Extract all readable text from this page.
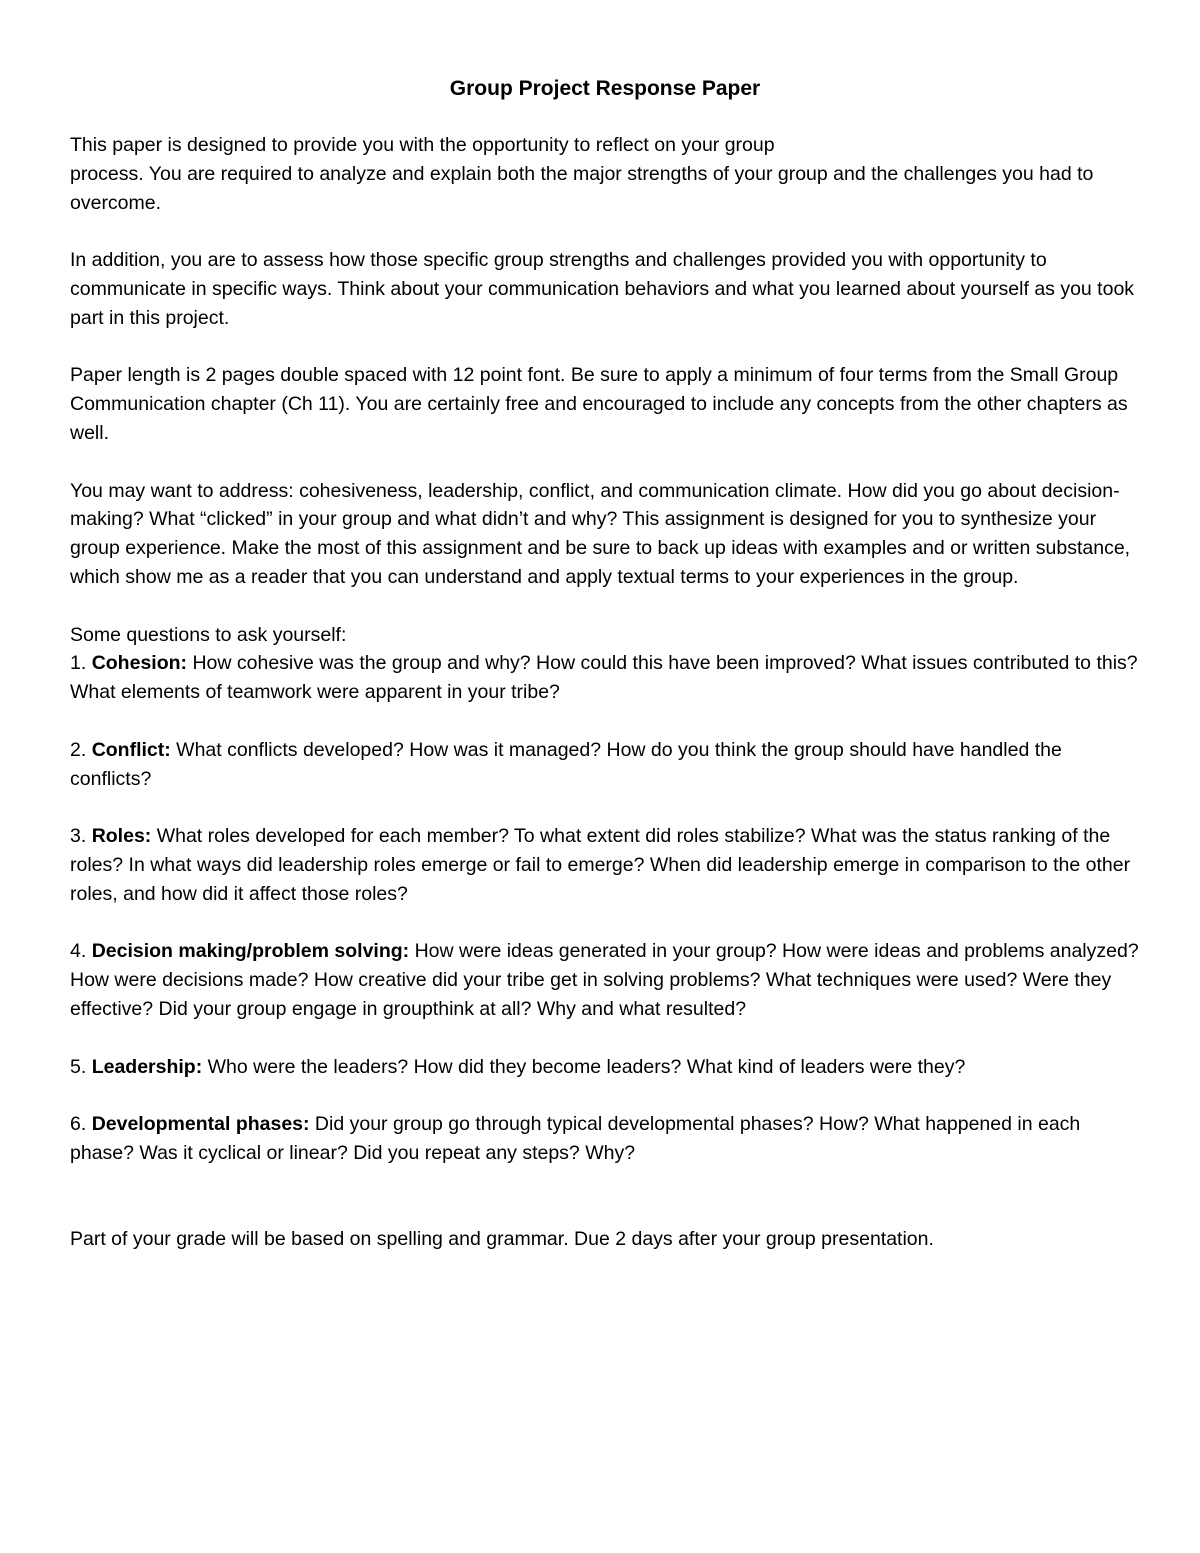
Group Project Response Paper

This paper is designed to provide you with the opportunity to reflect on your group
process. You are required to analyze and explain both the major strengths of your group and the challenges you had to overcome.

In addition, you are to assess how those specific group strengths and challenges provided you with opportunity to communicate in specific ways. Think about your communication behaviors and what you learned about yourself as you took part in this project.

Paper length is 2 pages double spaced with 12 point font. Be sure to apply a minimum of four terms from the Small Group Communication chapter (Ch 11). You are certainly free and encouraged to include any concepts from the other chapters as well.

You may want to address: cohesiveness, leadership, conflict, and communication climate. How did you go about decision-making? What “clicked” in your group and what didn’t and why? This assignment is designed for you to synthesize your group experience. Make the most of this assignment and be sure to back up ideas with examples and or written substance, which show me as a reader that you can understand and apply textual terms to your experiences in the group.

Some questions to ask yourself:

1. Cohesion: How cohesive was the group and why? How could this have been improved? What issues contributed to this? What elements of teamwork were apparent in your tribe?

2. Conflict: What conflicts developed? How was it managed? How do you think the group should have handled the conflicts?

3. Roles: What roles developed for each member? To what extent did roles stabilize? What was the status ranking of the roles? In what ways did leadership roles emerge or fail to emerge? When did leadership emerge in comparison to the other roles, and how did it affect those roles?

4. Decision making/problem solving: How were ideas generated in your group? How were ideas and problems analyzed? How were decisions made? How creative did your tribe get in solving problems? What techniques were used? Were they effective? Did your group engage in groupthink at all? Why and what resulted?

5. Leadership: Who were the leaders? How did they become leaders? What kind of leaders were they?

6. Developmental phases: Did your group go through typical developmental phases? How? What happened in each phase? Was it cyclical or linear? Did you repeat any steps? Why?

Part of your grade will be based on spelling and grammar. Due 2 days after your group presentation.
